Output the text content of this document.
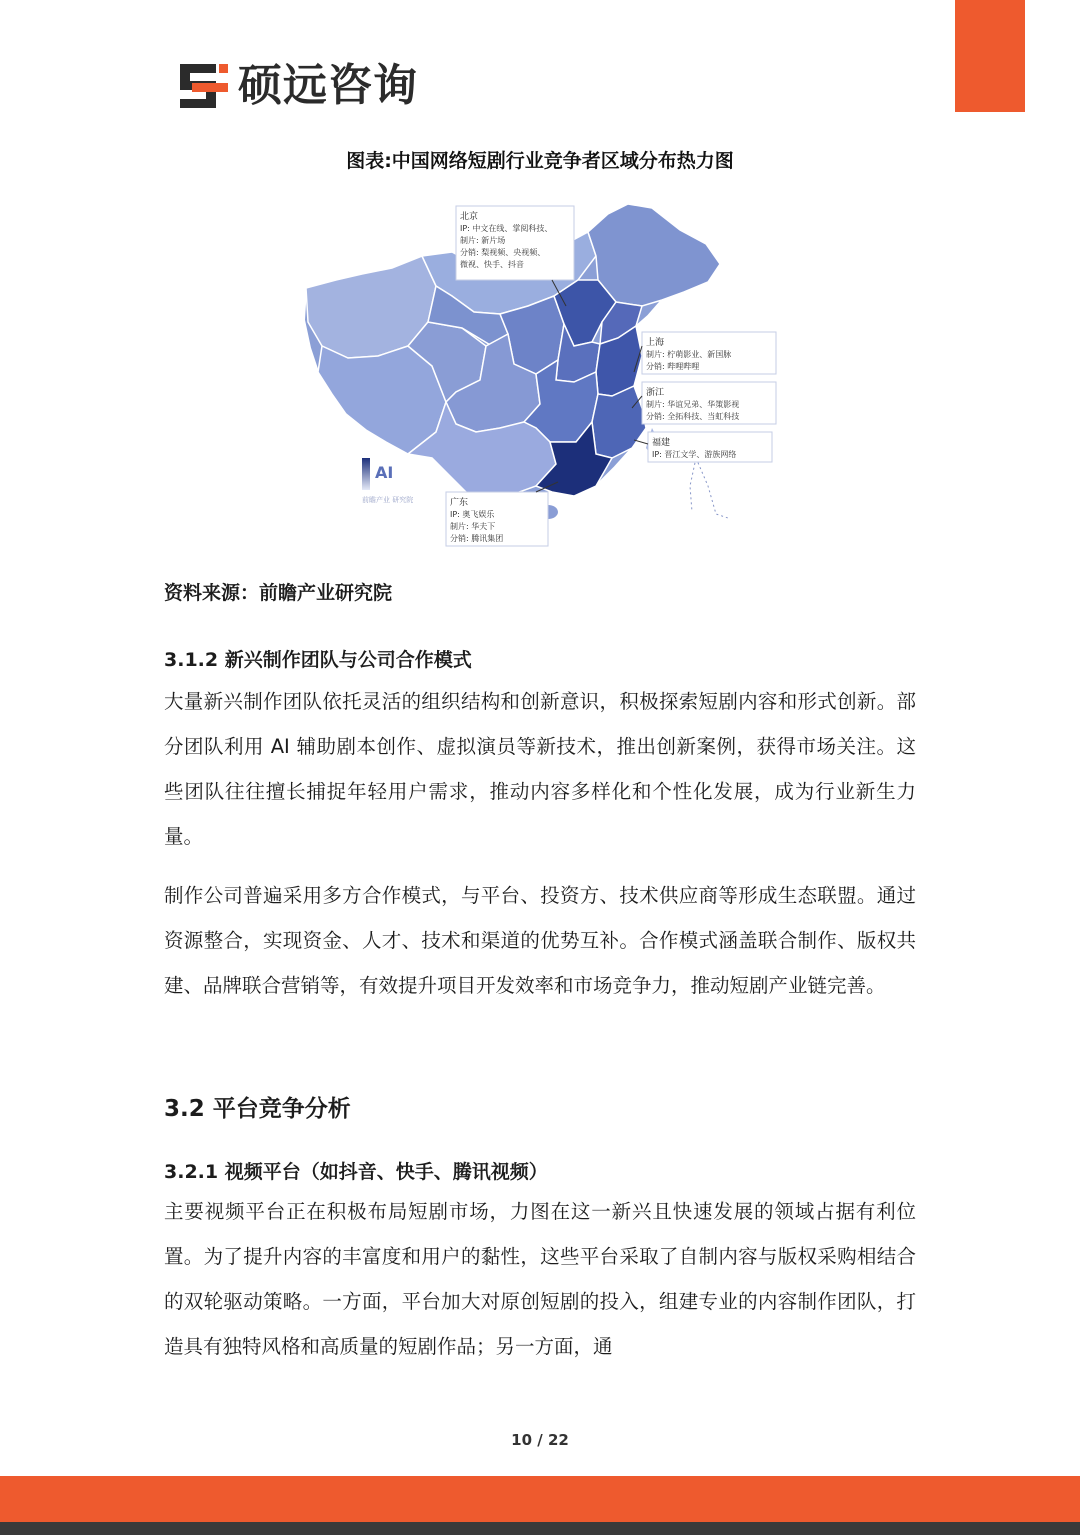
硕远咨询
图表:中国网络短剧行业竞争者区域分布热力图
AI
前瞻产业 研究院
北京
IP: 中文在线、掌阅科技、
制片: 新片场
分销: 梨视频、央视频、
微视、快手、抖音
上海
制片: 柠萌影业、新国脉
分销: 哔哩哔哩
浙江
制片: 华谊兄弟、华策影视
分销: 全拓科技、当虹科技
福建
IP: 晋江文学、游族网络
广东
IP: 奥飞娱乐
制片: 华夫下
分销: 腾讯集团
资料来源：前瞻产业研究院
3.1.2 新兴制作团队与公司合作模式

大量新兴制作团队依托灵活的组织结构和创新意识，积极探索短剧内容和形式创新。部分团队利用 AI 辅助剧本创作、虚拟演员等新技术，推出创新案例，获得市场关注。这些团队往往擅长捕捉年轻用户需求，推动内容多样化和个性化发展，成为行业新生力量。

制作公司普遍采用多方合作模式，与平台、投资方、技术供应商等形成生态联盟。通过资源整合，实现资金、人才、技术和渠道的优势互补。合作模式涵盖联合制作、版权共建、品牌联合营销等，有效提升项目开发效率和市场竞争力，推动短剧产业链完善。

3.2 平台竞争分析
3.2.1 视频平台（如抖音、快手、腾讯视频）

主要视频平台正在积极布局短剧市场，力图在这一新兴且快速发展的领域占据有利位置。为了提升内容的丰富度和用户的黏性，这些平台采取了自制内容与版权采购相结合的双轮驱动策略。一方面，平台加大对原创短剧的投入，组建专业的内容制作团队，打造具有独特风格和高质量的短剧作品；另一方面，通

10 / 22
